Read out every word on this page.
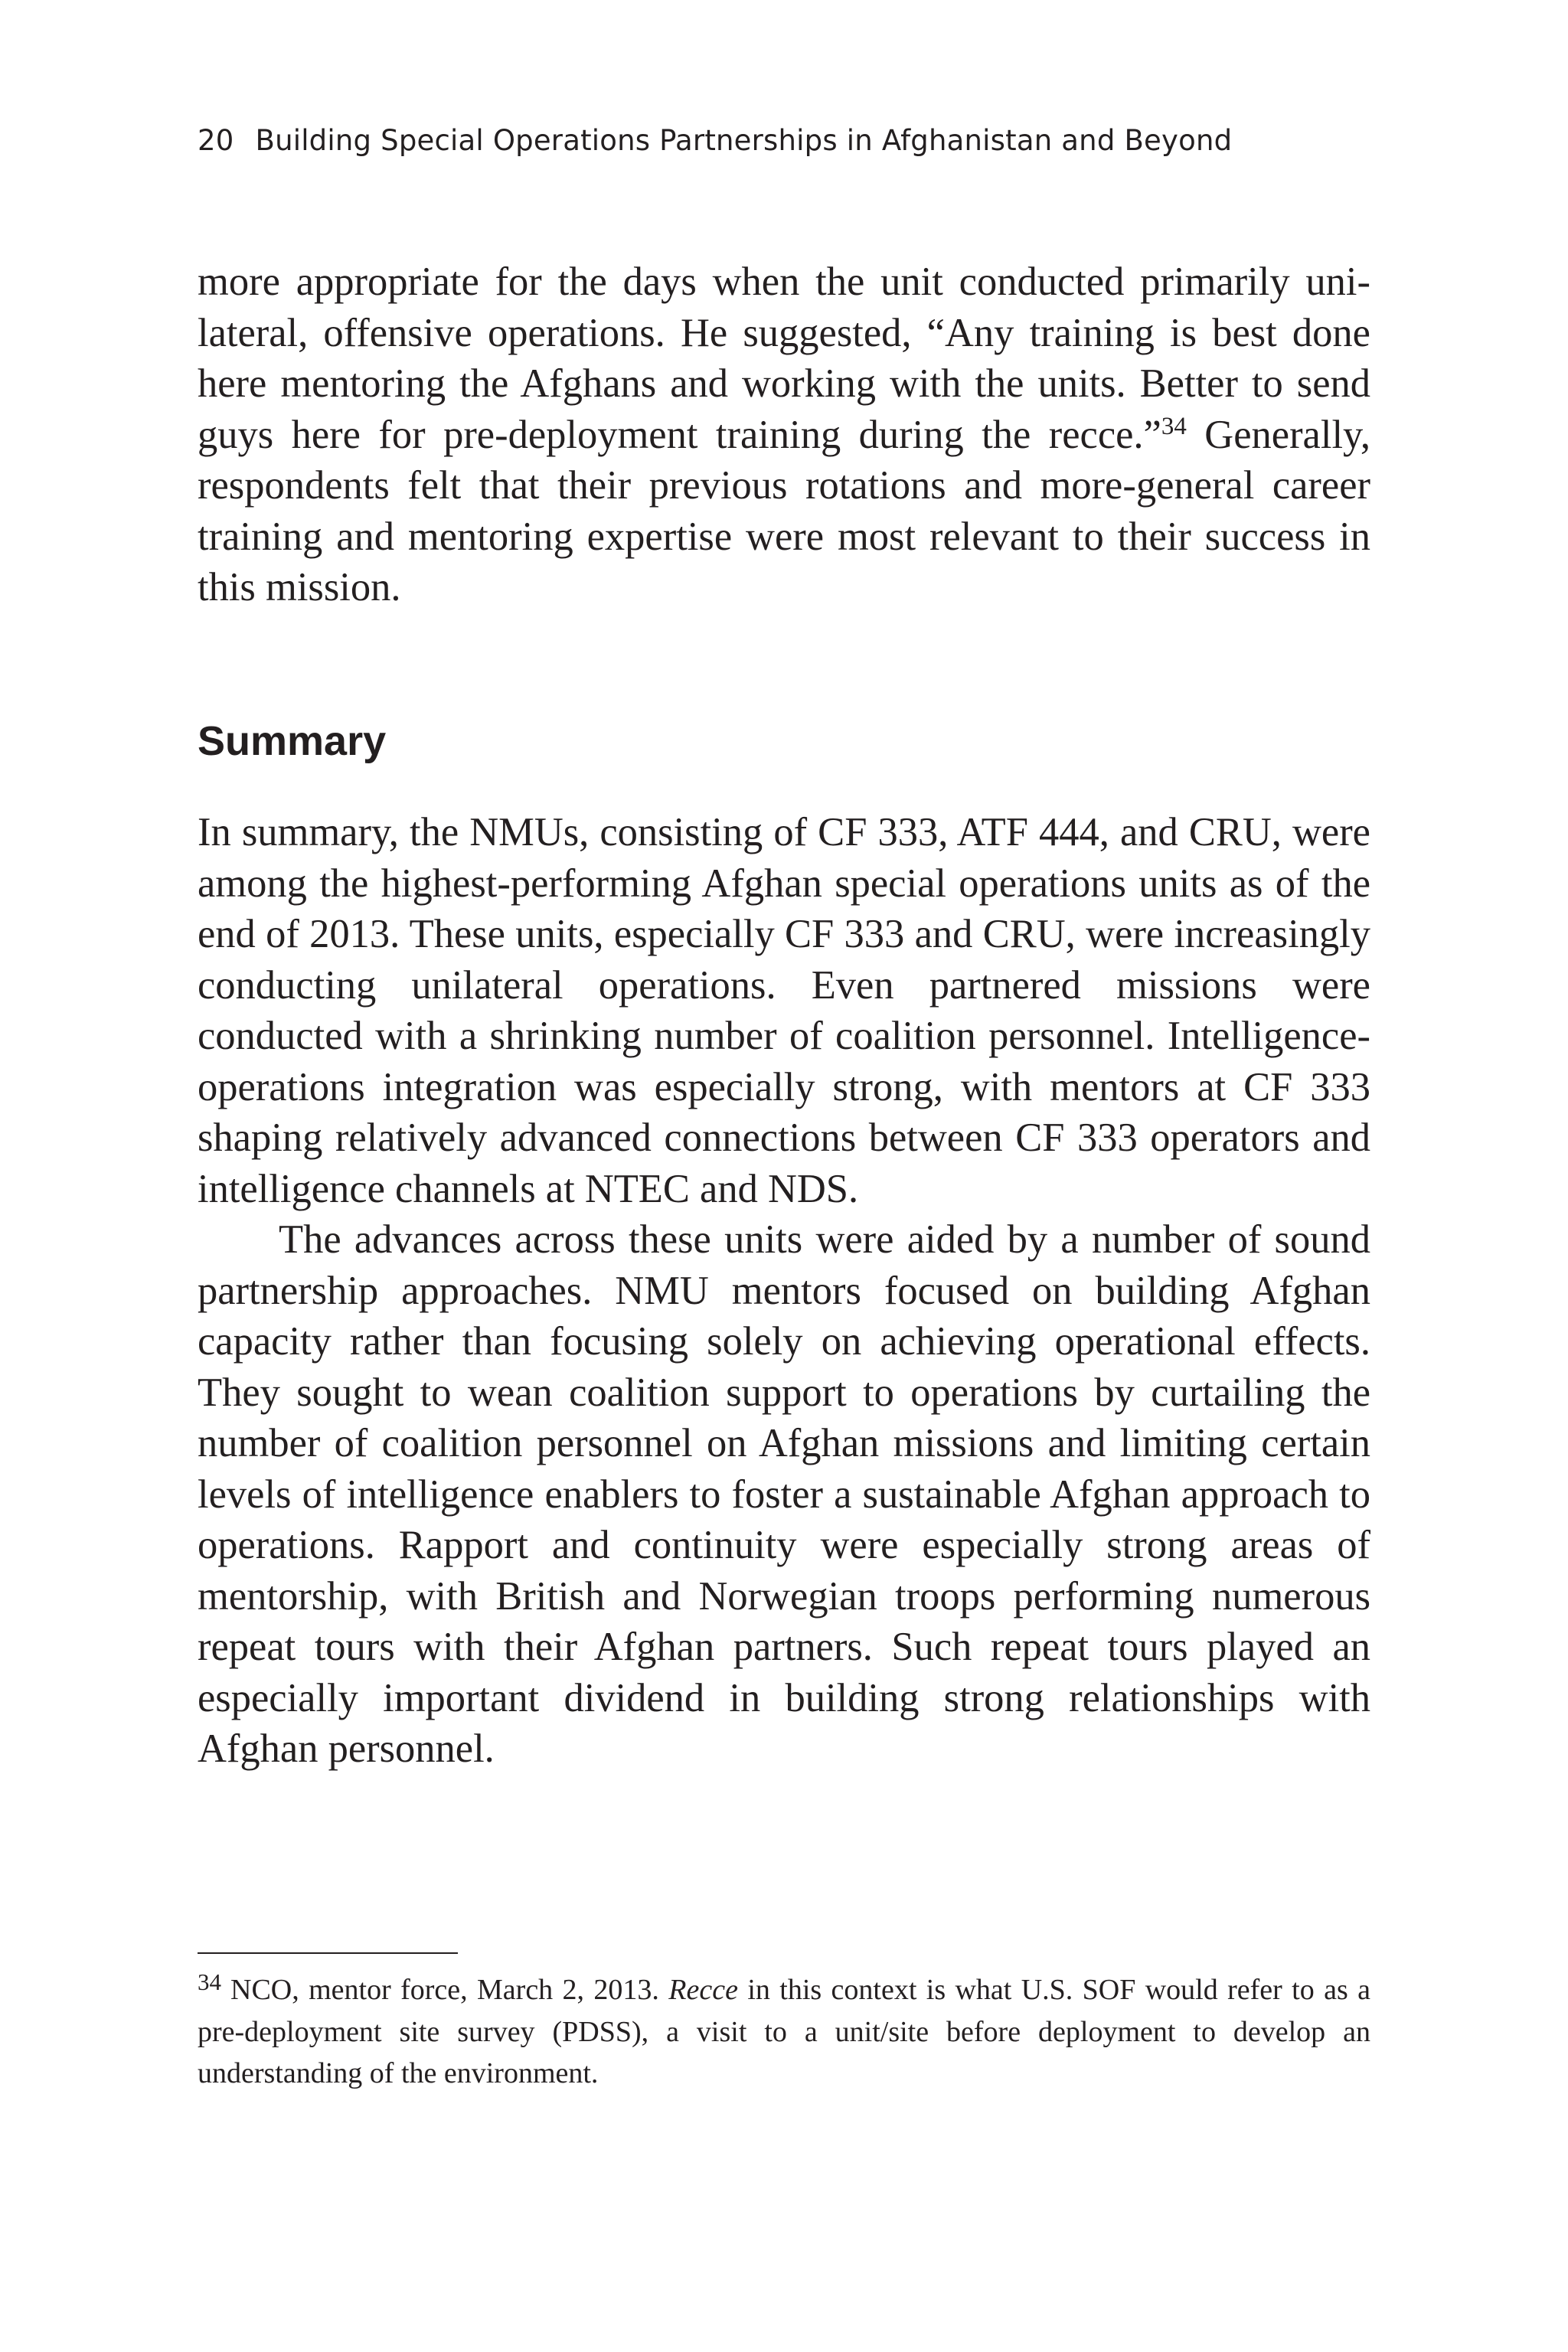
20 Building Special Operations Partnerships in Afghanistan and Beyond

more appropriate for the days when the unit conducted primarily unilateral, offensive operations. He suggested, “Any training is best done here mentoring the Afghans and working with the units. Better to send guys here for pre-deployment training during the recce.”$^{34}$ Generally, respondents felt that their previous rotations and more-general career training and mentoring expertise were most relevant to their success in this mission.

Summary

In summary, the NMUs, consisting of CF 333, ATF 444, and CRU, were among the highest-performing Afghan special operations units as of the end of 2013. These units, especially CF 333 and CRU, were increasingly conducting unilateral operations. Even partnered missions were conducted with a shrinking number of coalition personnel. Intelligence-operations integration was especially strong, with mentors at CF 333 shaping relatively advanced connections between CF 333 operators and intelligence channels at NTEC and NDS.

The advances across these units were aided by a number of sound partnership approaches. NMU mentors focused on building Afghan capacity rather than focusing solely on achieving operational effects. They sought to wean coalition support to operations by curtailing the number of coalition personnel on Afghan missions and limiting certain levels of intelligence enablers to foster a sustainable Afghan approach to operations. Rapport and continuity were especially strong areas of mentorship, with British and Norwegian troops performing numerous repeat tours with their Afghan partners. Such repeat tours played an especially important dividend in building strong relationships with Afghan personnel.

$^{34}$ NCO, mentor force, March 2, 2013. Recce in this context is what U.S. SOF would refer to as a pre-deployment site survey (PDSS), a visit to a unit/site before deployment to develop an understanding of the environment.
